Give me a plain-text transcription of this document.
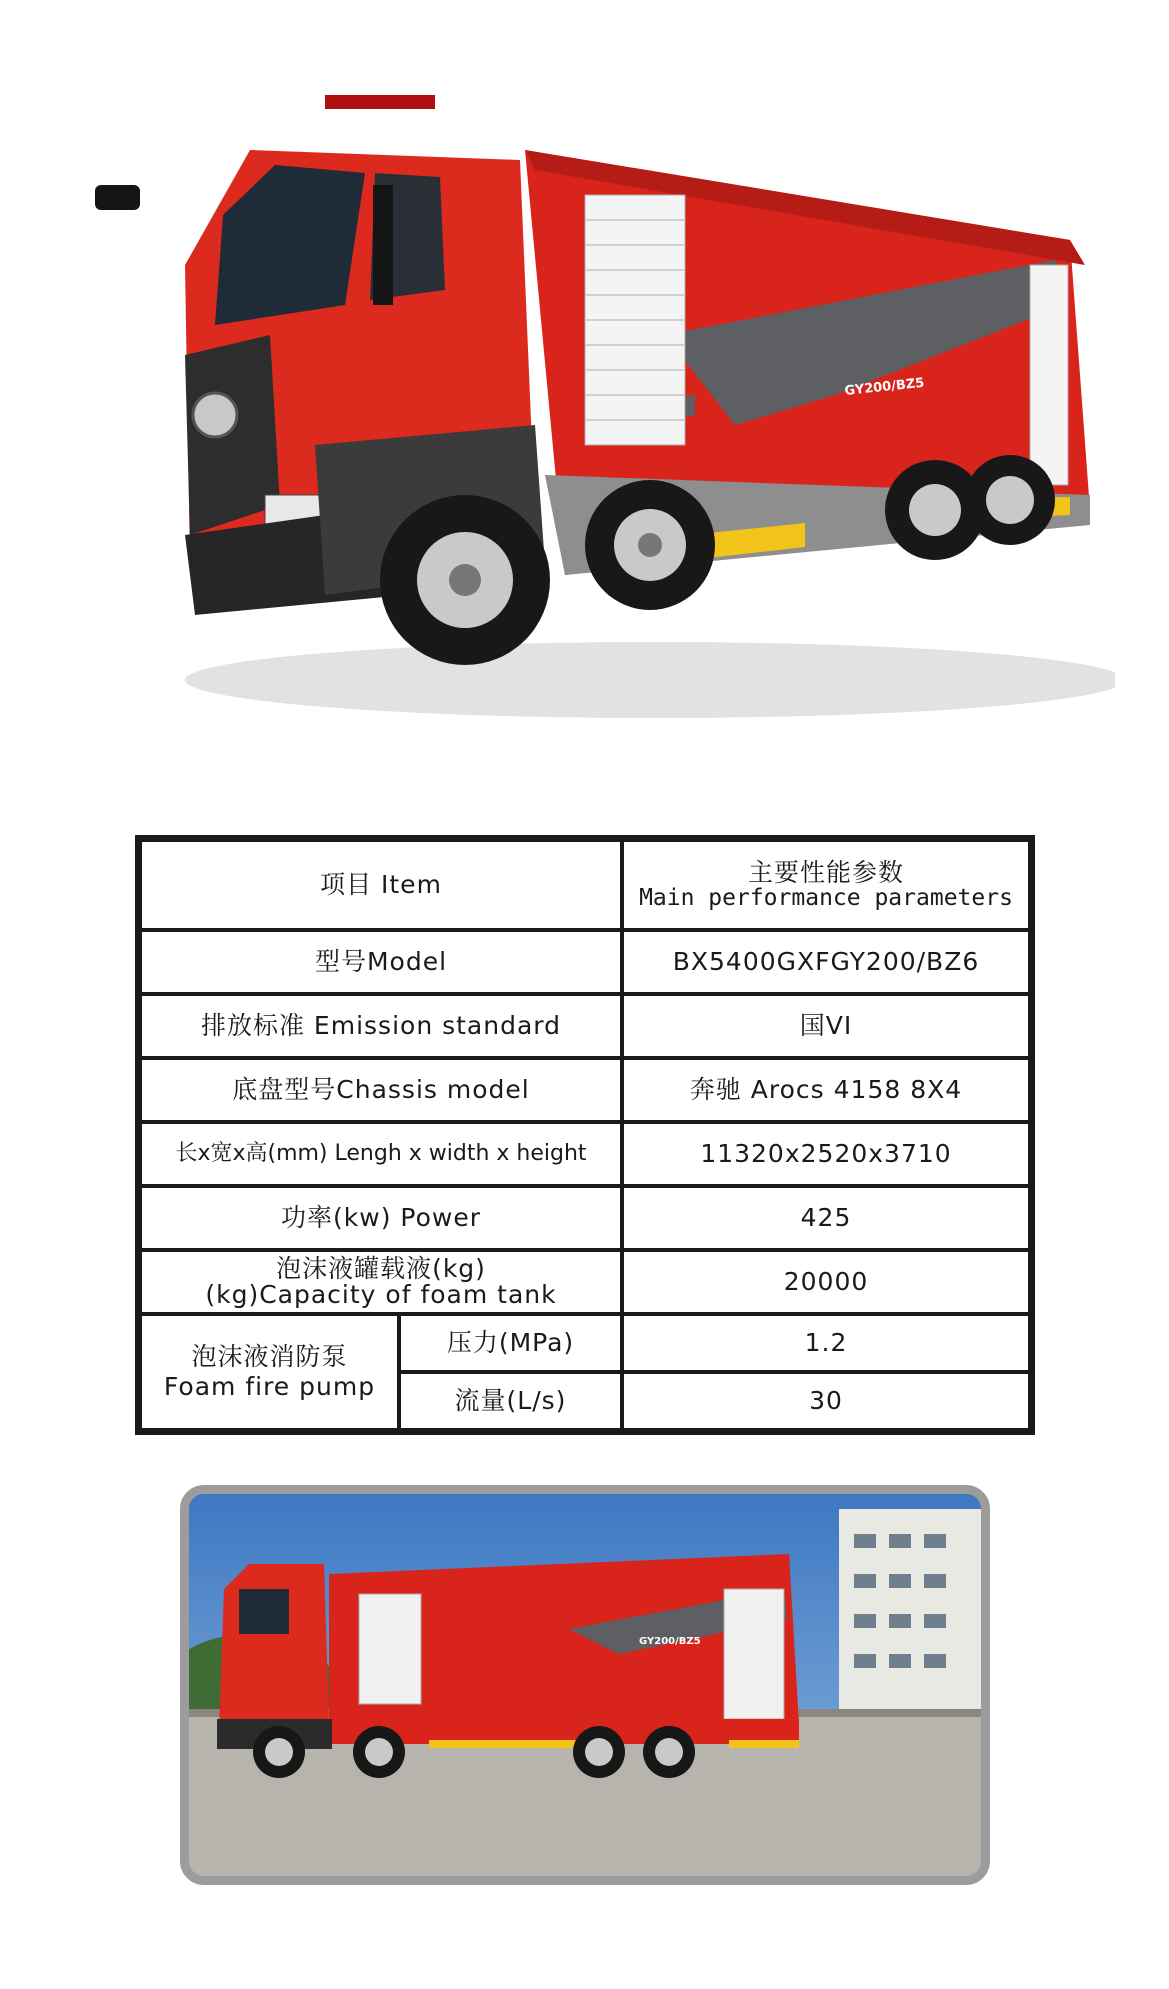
GY200/BZ5
项目 Item	主要性能参数
Main performance parameters
型号Model	BX5400GXFGY200/BZ6
排放标准 Emission standard	国VI
底盘型号Chassis model	奔驰 Arocs 4158 8X4
长x宽x高(mm) Lengh x width x height	11320x2520x3710
功率(kw) Power	425
泡沫液罐载液(kg)
(kg)Capacity of foam tank	20000
泡沫液消防泵
Foam fire pump
压力(MPa)	1.2
流量(L/s)	30
GY200/BZ5
